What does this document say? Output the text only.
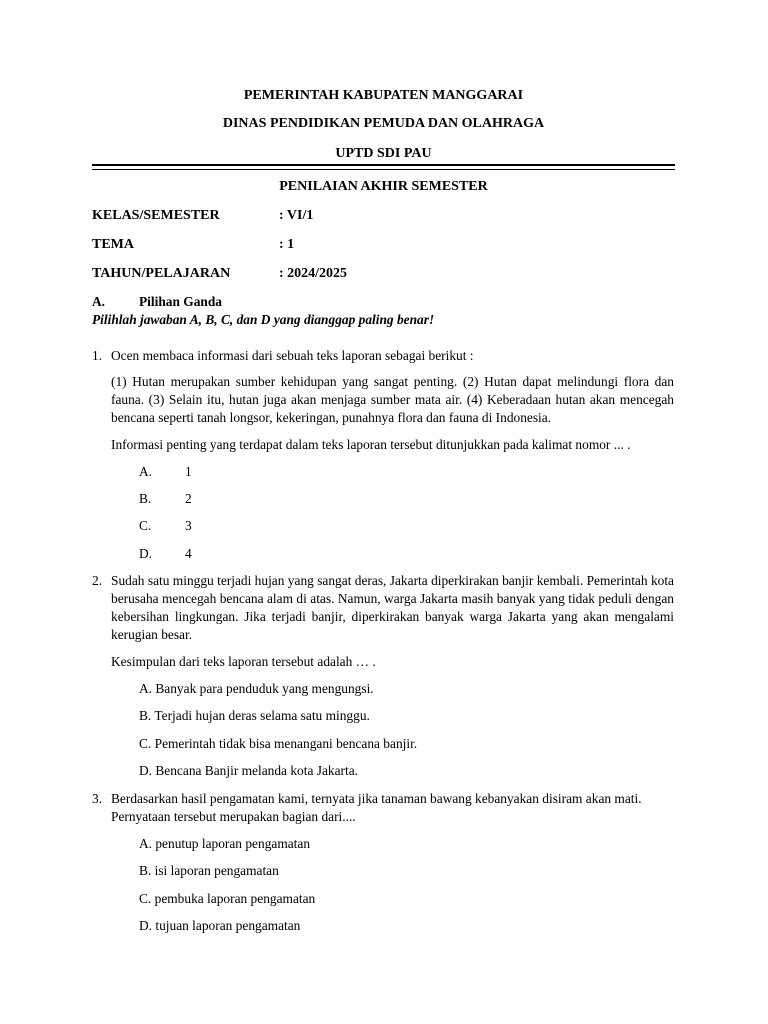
PEMERINTAH KABUPATEN MANGGARAI
DINAS PENDIDIKAN PEMUDA DAN OLAHRAGA
UPTD SDI PAU
PENILAIAN AKHIR SEMESTER
KELAS/SEMESTER	: VI/1
TEMA	: 1
TAHUN/PELAJARAN	: 2024/2025
A.	Pilihan Ganda
Pilihlah jawaban A, B, C, dan D yang dianggap paling benar!
1. Ocen membaca informasi dari sebuah teks laporan sebagai berikut :
(1) Hutan merupakan sumber kehidupan yang sangat penting. (2) Hutan dapat melindungi flora dan fauna. (3) Selain itu, hutan juga akan menjaga sumber mata air. (4) Keberadaan hutan akan mencegah bencana seperti tanah longsor, kekeringan, punahnya flora dan fauna di Indonesia.
Informasi penting yang terdapat dalam teks laporan tersebut ditunjukkan pada kalimat nomor ... .
A. 1
B.	2
C.	3
D. 4
2. Sudah satu minggu terjadi hujan yang sangat deras, Jakarta diperkirakan banjir kembali. Pemerintah kota berusaha mencegah bencana alam di atas. Namun, warga Jakarta masih banyak yang tidak peduli dengan kebersihan lingkungan. Jika terjadi banjir, diperkirakan banyak warga Jakarta yang akan mengalami kerugian besar.
Kesimpulan dari teks laporan tersebut adalah … .
A. Banyak para penduduk yang mengungsi.
B. Terjadi hujan deras selama satu minggu.
C. Pemerintah tidak bisa menangani bencana banjir.
D. Bencana Banjir melanda kota Jakarta.
3. Berdasarkan hasil pengamatan kami, ternyata jika tanaman bawang kebanyakan disiram akan mati. Pernyataan tersebut merupakan bagian dari....
A. penutup laporan pengamatan
B. isi laporan pengamatan
C. pembuka laporan pengamatan
D. tujuan laporan pengamatan
